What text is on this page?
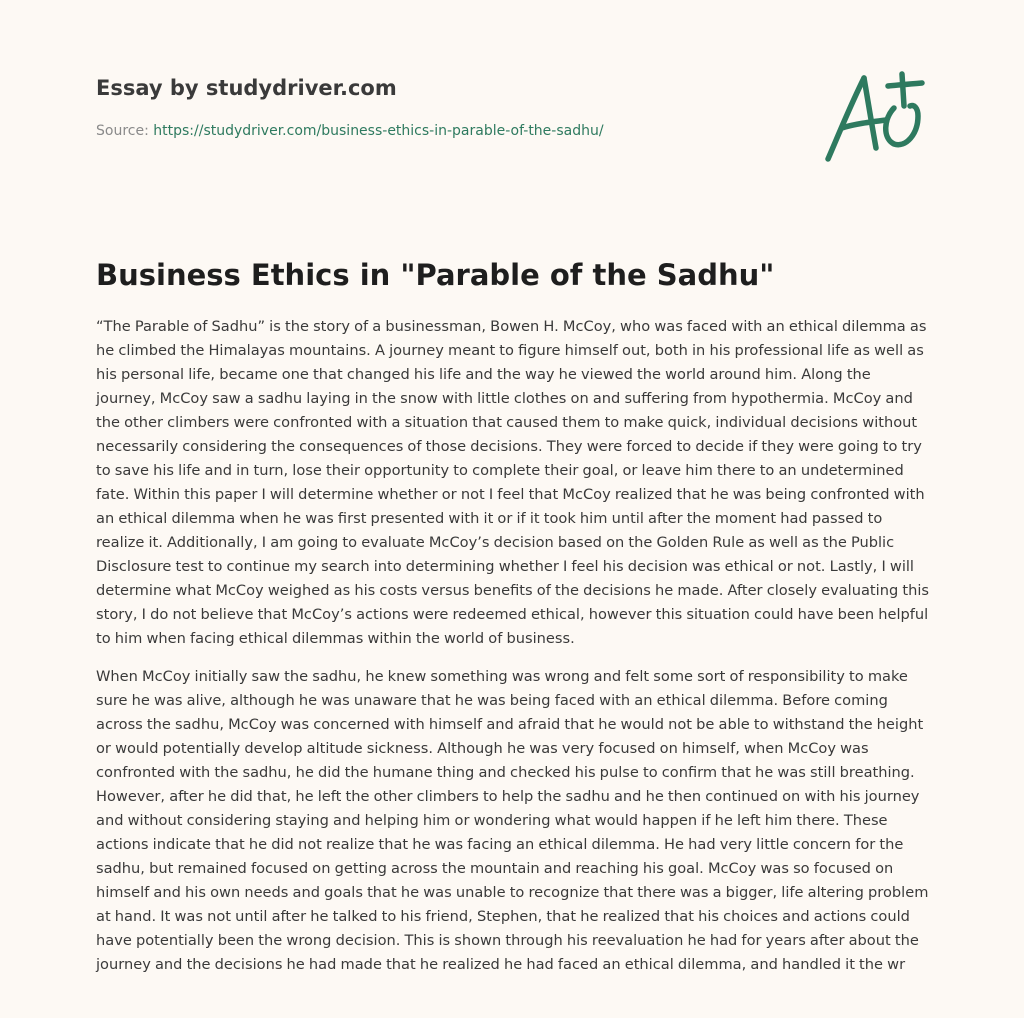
Essay by studydriver.com

Source: https://studydriver.com/business-ethics-in-parable-of-the-sadhu/

Business Ethics in "Parable of the Sadhu"

“The Parable of Sadhu” is the story of a businessman, Bowen H. McCoy, who was faced with an ethical dilemma as he climbed the Himalayas mountains. A journey meant to figure himself out, both in his professional life as well as his personal life, became one that changed his life and the way he viewed the world around him. Along the journey, McCoy saw a sadhu laying in the snow with little clothes on and suffering from hypothermia. McCoy and the other climbers were confronted with a situation that caused them to make quick, individual decisions without necessarily considering the consequences of those decisions. They were forced to decide if they were going to try to save his life and in turn, lose their opportunity to complete their goal, or leave him there to an undetermined fate. Within this paper I will determine whether or not I feel that McCoy realized that he was being confronted with an ethical dilemma when he was first presented with it or if it took him until after the moment had passed to realize it. Additionally, I am going to evaluate McCoy’s decision based on the Golden Rule as well as the Public Disclosure test to continue my search into determining whether I feel his decision was ethical or not. Lastly, I will determine what McCoy weighed as his costs versus benefits of the decisions he made. After closely evaluating this story, I do not believe that McCoy’s actions were redeemed ethical, however this situation could have been helpful to him when facing ethical dilemmas within the world of business.

When McCoy initially saw the sadhu, he knew something was wrong and felt some sort of responsibility to make sure he was alive, although he was unaware that he was being faced with an ethical dilemma. Before coming across the sadhu, McCoy was concerned with himself and afraid that he would not be able to withstand the height or would potentially develop altitude sickness. Although he was very focused on himself, when McCoy was confronted with the sadhu, he did the humane thing and checked his pulse to confirm that he was still breathing. However, after he did that, he left the other climbers to help the sadhu and he then continued on with his journey and without considering staying and helping him or wondering what would happen if he left him there. These actions indicate that he did not realize that he was facing an ethical dilemma. He had very little concern for the sadhu, but remained focused on getting across the mountain and reaching his goal. McCoy was so focused on himself and his own needs and goals that he was unable to recognize that there was a bigger, life altering problem at hand. It was not until after he talked to his friend, Stephen, that he realized that his choices and actions could have potentially been the wrong decision. This is shown through his reevaluation he had for years after about the journey and the decisions he had made that he realized he had faced an ethical dilemma, and handled it the wr
